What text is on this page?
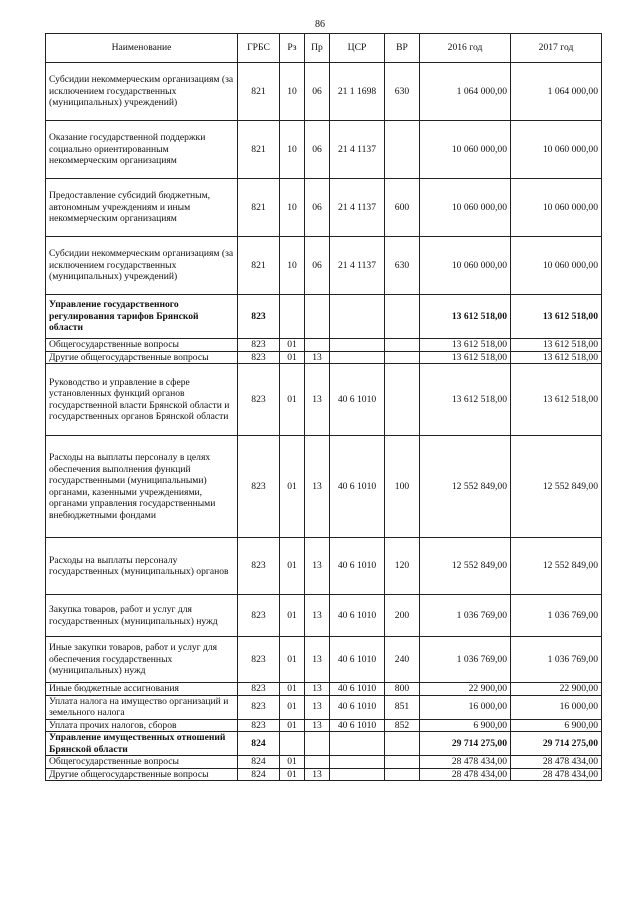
86
Наименование	ГРБС	Рз	Пр	ЦСР	ВР	2016 год	2017 год
Субсидии некоммерческим организациям (за исключением государственных (муниципальных) учреждений)	821	10	06	21 1 1698	630	1 064 000,00	1 064 000,00
Оказание государственной поддержки социально ориентированным некоммерческим организациям	821	10	06	21 4 1137		10 060 000,00	10 060 000,00
Предоставление субсидий бюджетным, автономным учреждениям и иным некоммерческим организациям	821	10	06	21 4 1137	600	10 060 000,00	10 060 000,00
Субсидии некоммерческим организациям (за исключением государственных (муниципальных) учреждений)	821	10	06	21 4 1137	630	10 060 000,00	10 060 000,00
Управление государственного регулирования тарифов Брянской области	823					13 612 518,00	13 612 518,00
Общегосударственные вопросы	823	01				13 612 518,00	13 612 518,00
Другие общегосударственные вопросы	823	01	13			13 612 518,00	13 612 518,00
Руководство и управление в сфере установленных функций органов государственной власти Брянской области и государственных органов Брянской области	823	01	13	40 6 1010		13 612 518,00	13 612 518,00
Расходы на выплаты персоналу в целях обеспечения выполнения функций государственными (муниципальными) органами, казенными учреждениями, органами управления государственными внебюджетными фондами	823	01	13	40 6 1010	100	12 552 849,00	12 552 849,00
Расходы на выплаты персоналу государственных (муниципальных) органов	823	01	13	40 6 1010	120	12 552 849,00	12 552 849,00
Закупка товаров, работ и услуг для государственных (муниципальных) нужд	823	01	13	40 6 1010	200	1 036 769,00	1 036 769,00
Иные закупки товаров, работ и услуг для обеспечения государственных (муниципальных) нужд	823	01	13	40 6 1010	240	1 036 769,00	1 036 769,00
Иные бюджетные ассигнования	823	01	13	40 6 1010	800	22 900,00	22 900,00
Уплата налога на имущество организаций и земельного налога	823	01	13	40 6 1010	851	16 000,00	16 000,00
Уплата прочих налогов, сборов	823	01	13	40 6 1010	852	6 900,00	6 900,00
Управление имущественных отношений Брянской области	824					29 714 275,00	29 714 275,00
Общегосударственные вопросы	824	01				28 478 434,00	28 478 434,00
Другие общегосударственные вопросы	824	01	13			28 478 434,00	28 478 434,00
